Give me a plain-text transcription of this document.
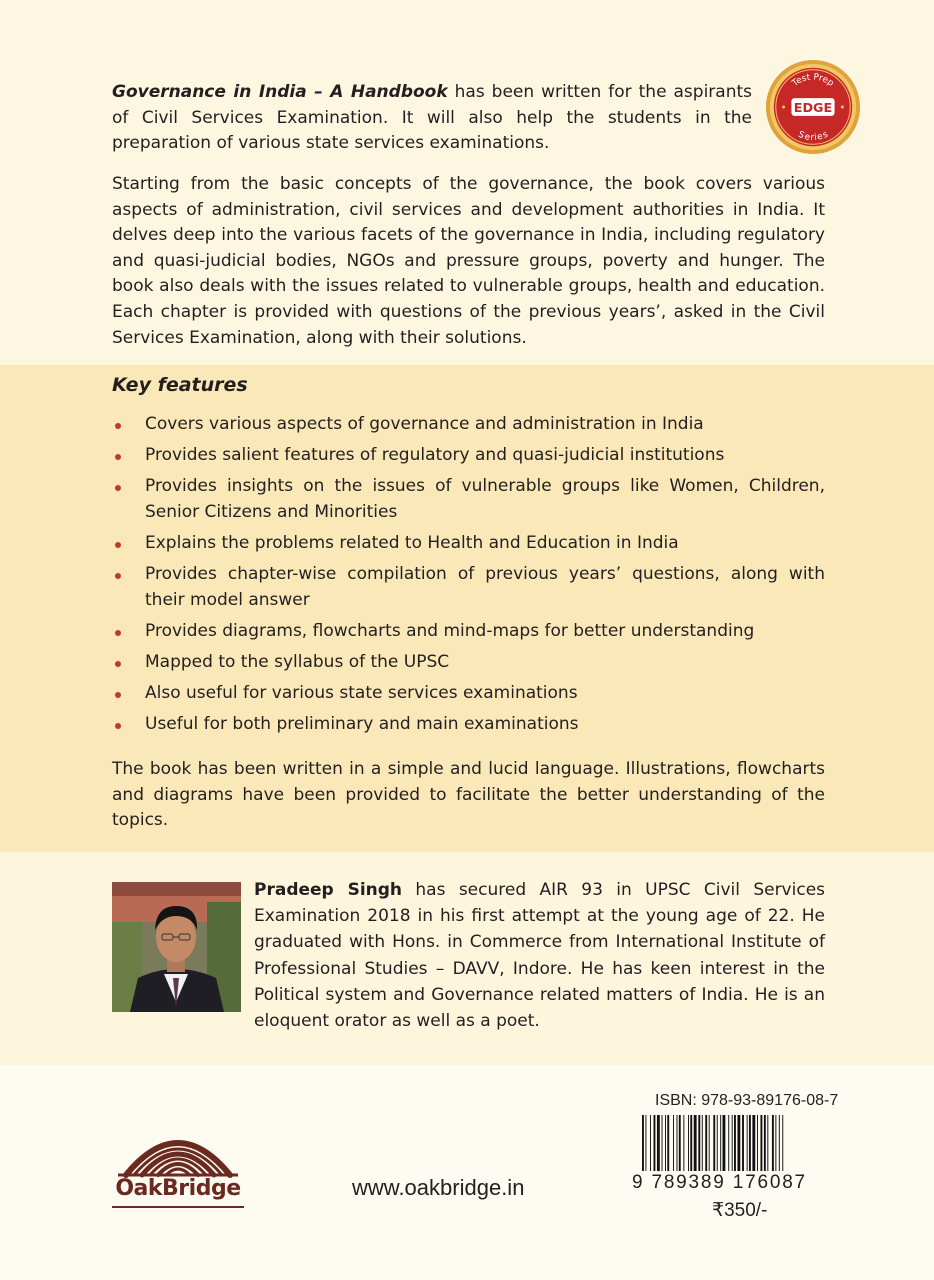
Governance in India – A Handbook has been written for the aspirants of Civil Services Examination. It will also help the students in the preparation of various state services examinations.

EDGE
Test Prep
Series

Starting from the basic concepts of the governance, the book covers various aspects of administration, civil services and development authorities in India. It delves deep into the various facets of the governance in India, including regulatory and quasi-judicial bodies, NGOs and pressure groups, poverty and hunger. The book also deals with the issues related to vulnerable groups, health and education. Each chapter is provided with questions of the previous years’, asked in the Civil Services Examination, along with their solutions.

Key features
Covers various aspects of governance and administration in India
Provides salient features of regulatory and quasi-judicial institutions
Provides insights on the issues of vulnerable groups like Women, Children, Senior Citizens and Minorities
Explains the problems related to Health and Education in India
Provides chapter-wise compilation of previous years’ questions, along with their model answer
Provides diagrams, flowcharts and mind-maps for better understanding
Mapped to the syllabus of the UPSC
Also useful for various state services examinations
Useful for both preliminary and main examinations

The book has been written in a simple and lucid language. Illustrations, flowcharts and diagrams have been provided to facilitate the better understanding of the topics.

Pradeep Singh has secured AIR 93 in UPSC Civil Services Examination 2018 in his first attempt at the young age of 22. He graduated with Hons. in Commerce from International Institute of Professional Studies – DAVV, Indore. He has keen interest in the Political system and Governance related matters of India. He is an eloquent orator as well as a poet.

OakBridge	www.oakbridge.in
ISBN: 978-93-89176-08-7
9 789389 176087
₹350/-
